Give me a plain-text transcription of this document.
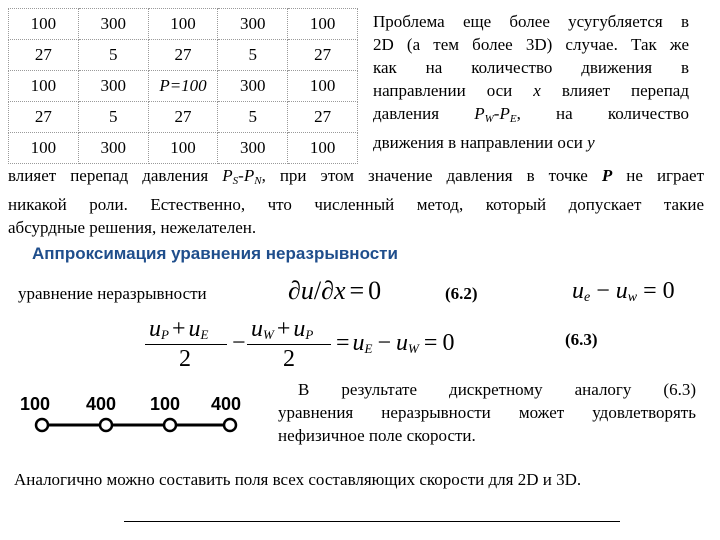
100	300	100	300	100
27	5	27	5	27
100	300	P=100	300	100
27	5	27	5	27
100	300	100	300	100
Проблема еще более усугубляется в
2D (а тем более 3D) случае. Так же
как на количество движения в
направлении оси x влияет перепад
давления $P_W-P_E$, на количество
движения в направлении оси y
влияет перепад давления $P_S-P_N$, при этом значение давления в точке P не играет
никакой роли. Естественно, что численный метод, который допускает такие
абсурдные решения, нежелателен.
Аппроксимация уравнения неразрывности
уравнение неразрывности	∂u/∂x = 0	(6.2)	$u_e - u_w = 0$
$u_P + u_E$
2
−
$u_W + u_P$
2
= $u_E - u_W = 0$	(6.3)
100 400 100 400
В результате дискретному аналогу (6.3)
уравнения неразрывности может удовлетворять
нефизичное поле скорости.
Аналогично можно составить поля всех составляющих скорости для 2D и 3D.
